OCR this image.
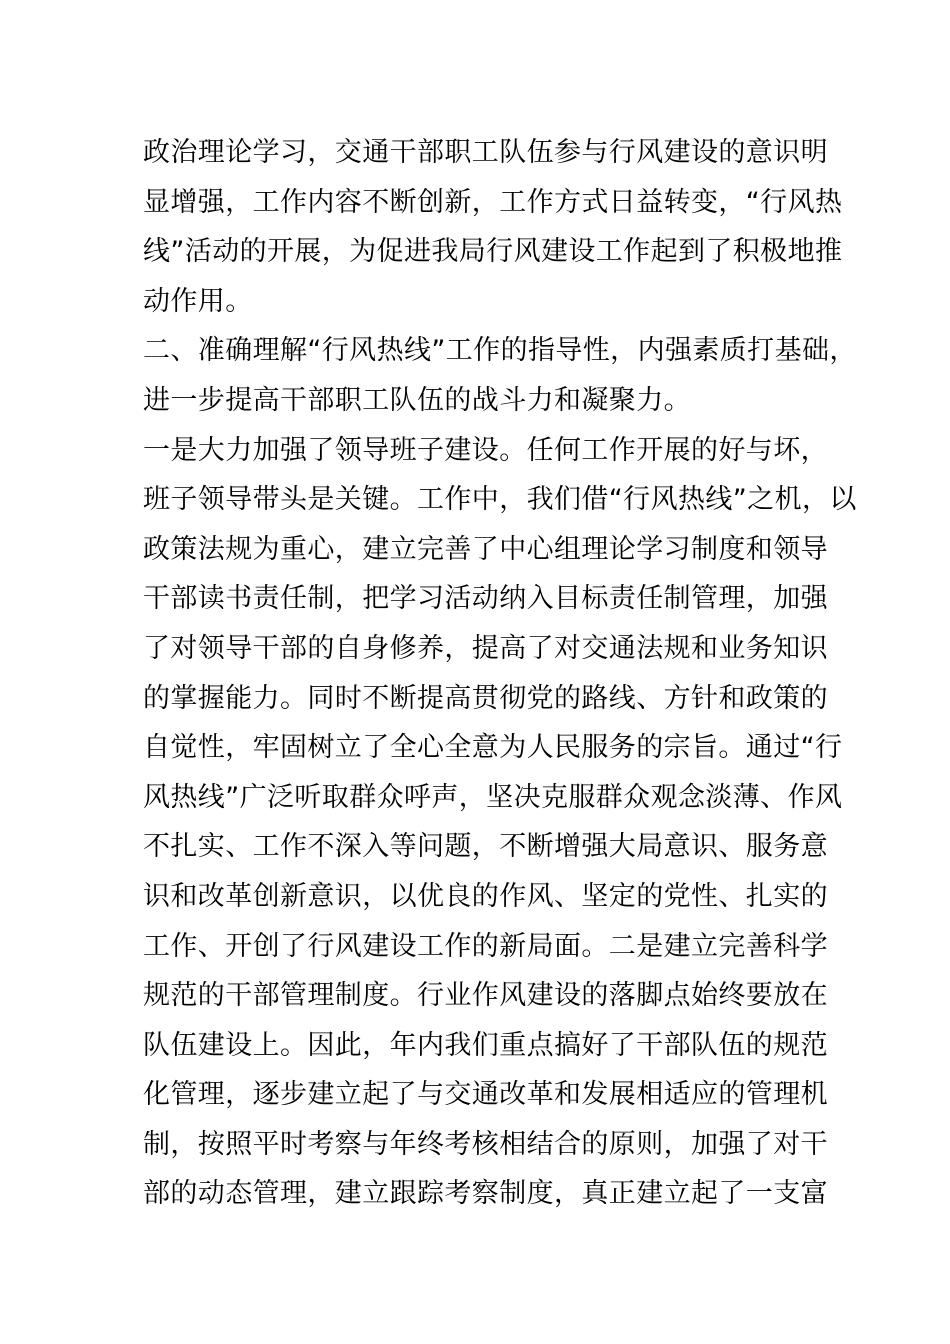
政治理论学习，交通干部职工队伍参与行风建设的意识明
显增强，工作内容不断创新，工作方式日益转变，“行风热
线”活动的开展，为促进我局行风建设工作起到了积极地推
动作用。
二、准确理解“行风热线”工作的指导性，内强素质打基础，
进一步提高干部职工队伍的战斗力和凝聚力。
一是大力加强了领导班子建设。任何工作开展的好与坏，
班子领导带头是关键。工作中，我们借“行风热线”之机，以
政策法规为重心，建立完善了中心组理论学习制度和领导
干部读书责任制，把学习活动纳入目标责任制管理，加强
了对领导干部的自身修养，提高了对交通法规和业务知识
的掌握能力。同时不断提高贯彻党的路线、方针和政策的
自觉性，牢固树立了全心全意为人民服务的宗旨。通过“行
风热线”广泛听取群众呼声，坚决克服群众观念淡薄、作风
不扎实、工作不深入等问题，不断增强大局意识、服务意
识和改革创新意识，以优良的作风、坚定的党性、扎实的
工作、开创了行风建设工作的新局面。二是建立完善科学
规范的干部管理制度。行业作风建设的落脚点始终要放在
队伍建设上。因此，年内我们重点搞好了干部队伍的规范
化管理，逐步建立起了与交通改革和发展相适应的管理机
制，按照平时考察与年终考核相结合的原则，加强了对干
部的动态管理，建立跟踪考察制度，真正建立起了一支富
